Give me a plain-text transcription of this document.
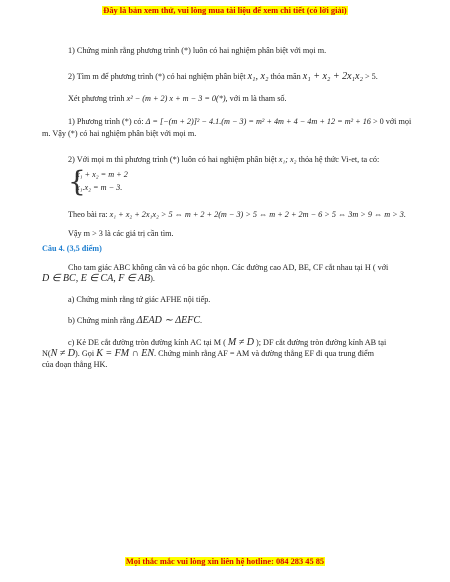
Đây là bản xem thử, vui lòng mua tài liệu để xem chi tiết (có lời giải)
1) Chứng minh rằng phương trình (*) luôn có hai nghiệm phân biệt với mọi m.
2) Tìm m để phương trình (*) có hai nghiệm phân biệt x₁, x₂ thỏa mãn x₁ + x₂ + 2x₁x₂ > 5.
Xét phương trình x² − (m + 2) x + m − 3 = 0(*), với m là tham số.
1) Phương trình (*) có: Δ = [−(m + 2)]² − 4.1.(m − 3) = m² + 4m + 4 − 4m + 12 = m² + 16 > 0 với mọi
m. Vậy (*) có hai nghiệm phân biệt với mọi m.
2) Với mọi m thì phương trình (*) luôn có hai nghiệm phân biệt x₁; x₂ thỏa hệ thức Vi-et, ta có:
{
x₁ + x₂ = m + 2
x₁.x₂ = m − 3.
Theo bài ra: x₁ + x₂ + 2x₁x₂ > 5 ⇔ m + 2 + 2(m − 3) > 5 ⇔ m + 2 + 2m − 6 > 5 ⇔ 3m > 9 ⇔ m > 3.
Vậy m > 3 là các giá trị cần tìm.
Câu 4. (3,5 điểm)
Cho tam giác ABC không cân và có ba góc nhọn. Các đường cao AD, BE, CF cắt nhau tại H ( với
D ∈ BC, E ∈ CA, F ∈ AB).
a) Chứng minh rằng tứ giác AFHE nội tiếp.
b) Chứng minh rằng ΔEAD ∼ ΔEFC.
c) Kẻ DE cắt đường tròn đường kính AC tại M ( M ≠ D ); DF cắt đường tròn đường kính AB tại
N(N ≠ D). Gọi K = FM ∩ EN. Chứng minh rằng AF = AM và đường thẳng EF đi qua trung điểm
của đoạn thẳng HK.
Mọi thắc mắc vui lòng xin liên hệ hotline: 084 283 45 85
